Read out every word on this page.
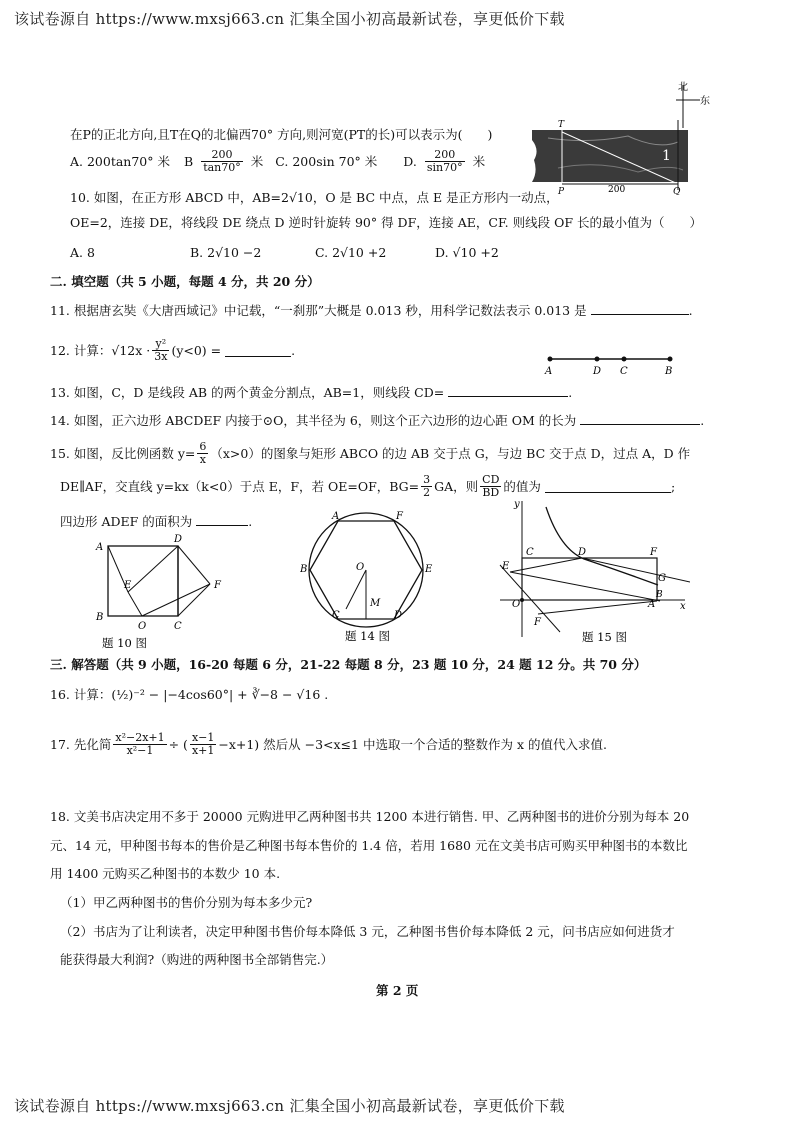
该试卷源自 https://www.mxsj663.cn 汇集全国小初高最新试卷，享更低价下载
在P的正北方向,且T在Q的北偏西70° 方向,则河宽(PT的长)可以表示为(　　)
A. 200tan70° 米 B $\frac{200}{\tan 70^\circ}$ 米 C. 200sin 70° 米 D. $\frac{200}{\sin 70^\circ}$ 米
北
东
T
P	Q
200
1
10. 如图，在正方形 ABCD 中，AB=2√10，O 是 BC 中点，点 E 是正方形内一动点，
OE=2，连接 DE，将线段 DE 绕点 D 逆时针旋转 90° 得 DF，连接 AE，CF. 则线段 OF 长的最小值为（　　）
A. 8	B. 2√10 −2	C. 2√10 +2	D. √10 +2
二. 填空题（共 5 小题，每题 4 分，共 20 分）
11. 根据唐玄奘《大唐西域记》中记载，“一刹那”大概是 0.013 秒，用科学记数法表示 0.013 是	.
12. 计算：$√12x \cdot \frac{\text{y²}}{3x} (y<0)$ =	.
A	D C	B
13. 如图，C，D 是线段 AB 的两个黄金分割点，AB=1，则线段 CD=	.
14. 如图，正六边形 ABCDEF 内接于⊙O，其半径为 6，则这个正六边形的边心距 OM 的长为	.
15. 如图，反比例函数 $y= \frac{6}{x} (x>0)$的图象与矩形 ABCO 的边 AB 交于点 G，与边 BC 交于点 D，过点 A，D 作
DE∥AF，交直线 y=kx（k<0）于点 E，F，若 OE=OF，$BG= \frac{3}{2}$ GA，则 $\frac{CD}{BD}$ 的值为	;
四边形 ADEF 的面积为	.
A
D
E	F
B
O	C
题 10 图
A	F
B	E
O
M
C	D
题 14 图
y
C	D	F
E
G
O	A x
B
F
题 15 图
三. 解答题（共 9 小题，16-20 每题 6 分，21-22 每题 8 分，23 题 10 分，24 题 12 分。共 70 分）
16. 计算：(½)⁻² − |−4cos60°| + ∛−8 − √16 .
17. 先化简 $\frac{\text{x²−2x+1}}{\text{x²−1}}$ ÷ ( $\frac{x-1}{x+1} -x+1$) 然后从 −3<x≤1 中选取一个合适的整数作为 x 的值代入求值.
18. 文美书店决定用不多于 20000 元购进甲乙两种图书共 1200 本进行销售. 甲、乙两种图书的进价分别为每本 20
元、14 元，甲种图书每本的售价是乙种图书每本售价的 1.4 倍，若用 1680 元在文美书店可购买甲种图书的本数比
用 1400 元购买乙种图书的本数少 10 本.
（1）甲乙两种图书的售价分别为每本多少元?
（2）书店为了让利读者，决定甲种图书售价每本降低 3 元，乙种图书售价每本降低 2 元，问书店应如何进货才
能获得最大利润?（购进的两种图书全部销售完.）
第 2 页
该试卷源自 https://www.mxsj663.cn 汇集全国小初高最新试卷，享更低价下载
